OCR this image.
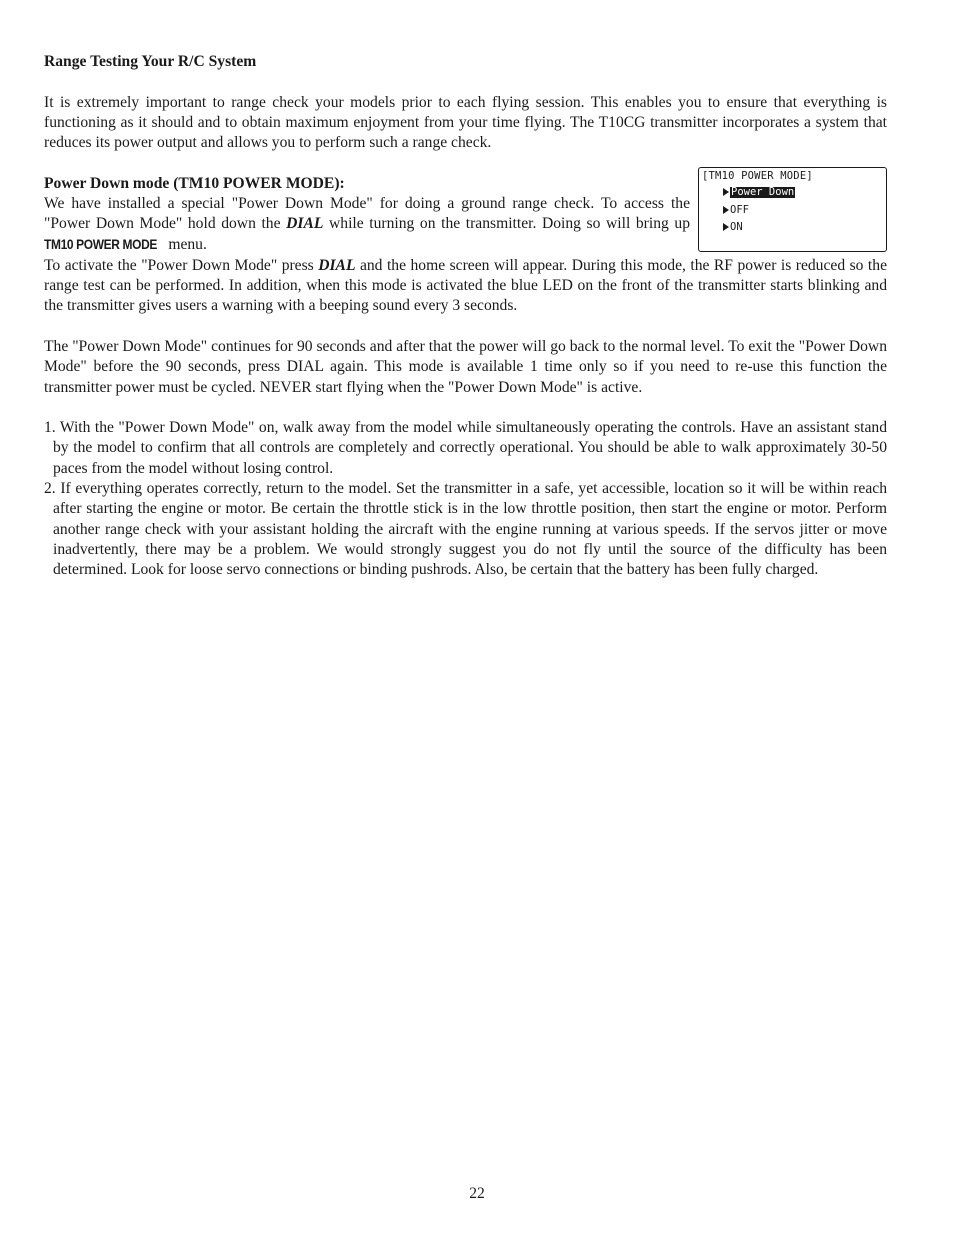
Range Testing Your R/C System

It is extremely important to range check your models prior to each flying session. This enables you to ensure that everything is functioning as it should and to obtain maximum enjoyment from your time flying. The T10CG transmitter incorporates a system that reduces its power output and allows you to perform such a range check.

Power Down mode (TM10 POWER MODE):

We have installed a special "Power Down Mode" for doing a ground range check. To access the "Power Down Mode" hold down the DIAL while turning on the transmitter. Doing so will bring up TM10 POWER MODE menu.

[TM10 POWER MODE]
Power Down
OFF
ON

To activate the "Power Down Mode" press DIAL and the home screen will appear. During this mode, the RF power is reduced so the range test can be performed. In addition, when this mode is activated the blue LED on the front of the transmitter starts blinking and the transmitter gives users a warning with a beeping sound every 3 seconds.

The "Power Down Mode" continues for 90 seconds and after that the power will go back to the normal level. To exit the "Power Down Mode" before the 90 seconds, press DIAL again. This mode is available 1 time only so if you need to re-use this function the transmitter power must be cycled. NEVER start flying when the "Power Down Mode" is active.

1. With the "Power Down Mode" on, walk away from the model while simultaneously operating the controls. Have an assistant stand by the model to confirm that all controls are completely and correctly operational. You should be able to walk approximately 30-50 paces from the model without losing control.
2. If everything operates correctly, return to the model. Set the transmitter in a safe, yet accessible, location so it will be within reach after starting the engine or motor. Be certain the throttle stick is in the low throttle position, then start the engine or motor. Perform another range check with your assistant holding the aircraft with the engine running at various speeds. If the servos jitter or move inadvertently, there may be a problem. We would strongly suggest you do not fly until the source of the difficulty has been determined. Look for loose servo connections or binding pushrods. Also, be certain that the battery has been fully charged.
22
